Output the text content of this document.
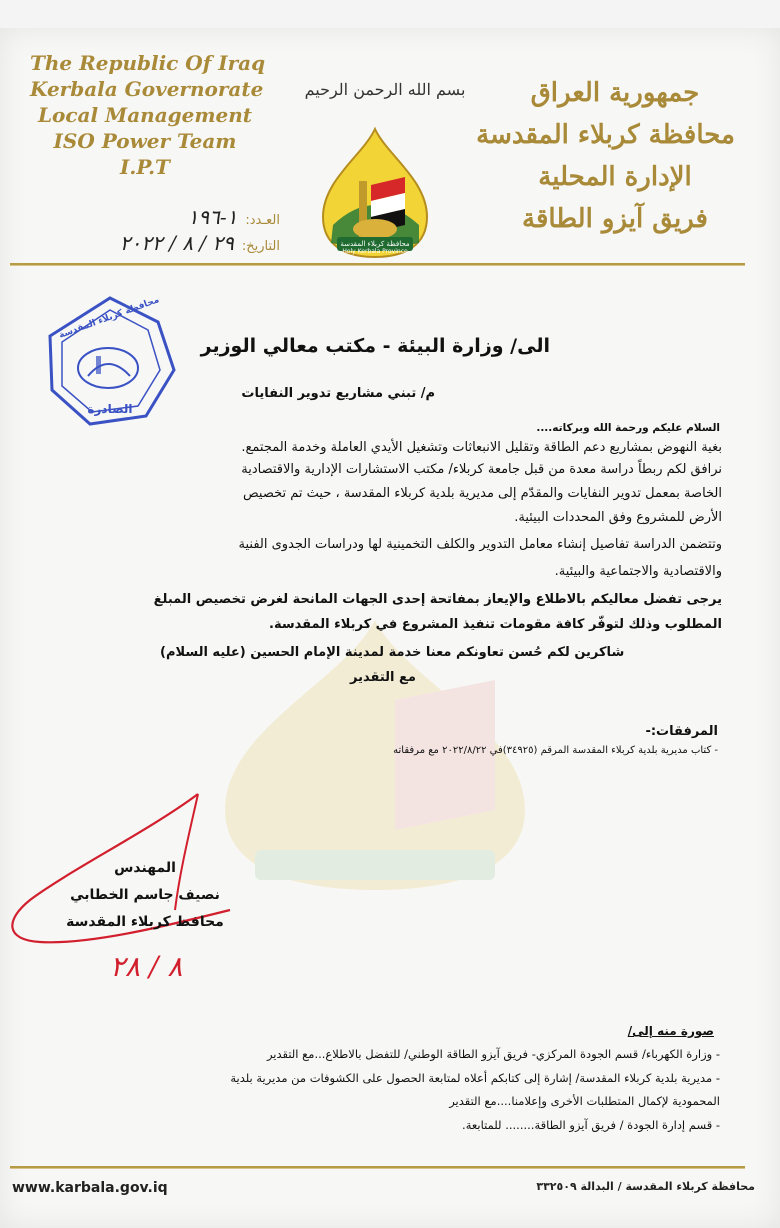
The Republic Of Iraq
Kerbala Governorate
Local Management
ISO Power Team
I.P.T
بسم الله الرحمن الرحيم
محافظة كربلاء المقدسة
Holy Kerbala Province
جمهورية العراق
محافظة كربلاء المقدسة
الإدارة المحلية
فريق آيزو الطاقة
العـدد:
١-١٩٦
التاريخ:
٢٩ / ٨ / ٢٠٢٢
محافظة كربلاء المقدسة
الصادرة
الى/ وزارة البيئة - مكتب معالي الوزير
م/ تبني مشاريع تدوير النفايات
السلام عليكم ورحمة الله وبركاته....
بغية النهوض بمشاريع دعم الطاقة وتقليل الانبعاثات وتشغيل الأيدي العاملة وخدمة المجتمع.
نرافق لكم ربطاً دراسة معدة من قبل جامعة كربلاء/ مكتب الاستشارات الإدارية والاقتصادية
الخاصة بمعمل تدوير النفايات والمقدّم إلى مديرية بلدية كربلاء المقدسة ، حيث تم تخصيص
الأرض للمشروع وفق المحددات البيئية.
وتتضمن الدراسة تفاصيل إنشاء معامل التدوير والكلف التخمينية لها ودراسات الجدوى الفنية
والاقتصادية والاجتماعية والبيئية.
يرجى تفضل معاليكم بالاطلاع والإيعاز بمفاتحة إحدى الجهات المانحة لغرض تخصيص المبلغ
المطلوب وذلك لتوفّر كافة مقومات تنفيذ المشروع في كربلاء المقدسة.
شاكرين لكم حُسن تعاونكم معنا خدمة لمدينة الإمام الحسين (عليه السلام)
مع التقدير
المرفقات:-
- كتاب مديرية بلدية كربلاء المقدسة المرقم (٣٤٩٢٥)في ٢٠٢٢/٨/٢٢ مع مرفقاته
المهندس
نصيف جاسم الخطابي
محافظ كربلاء المقدسة
٨ / ٢٨
صورة منه إلى/
- وزارة الكهرباء/ قسم الجودة المركزي- فريق آيزو الطاقة الوطني/ للتفضل بالاطلاع...مع التقدير
- مديرية بلدية كربلاء المقدسة/ إشارة إلى كتابكم أعلاه لمتابعة الحصول على الكشوفات من مديرية بلدية
المحمودية لإكمال المتطلبات الأخرى وإعلامنا....مع التقدير
- قسم إدارة الجودة / فريق آيزو الطاقة........ للمتابعة.
www.karbala.gov.iq	محافظة كربلاء المقدسة / البدالة ٣٣٢٥٠٩
